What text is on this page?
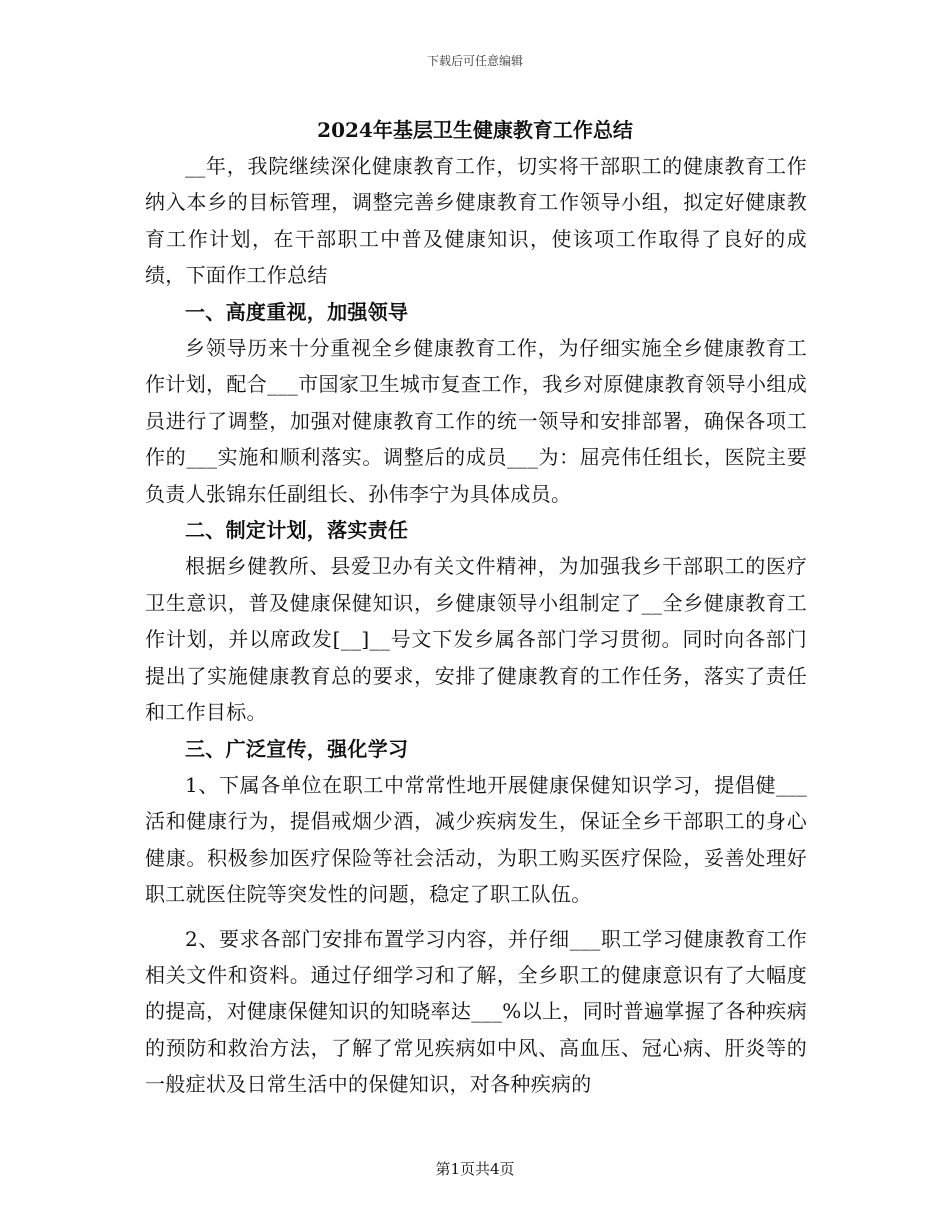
下载后可任意编辑
2024年基层卫生健康教育工作总结

__年，我院继续深化健康教育工作，切实将干部职工的健康教育工作纳入本乡的目标管理，调整完善乡健康教育工作领导小组，拟定好健康教育工作计划，在干部职工中普及健康知识，使该项工作取得了良好的成绩，下面作工作总结

一、高度重视，加强领导

乡领导历来十分重视全乡健康教育工作，为仔细实施全乡健康教育工作计划，配合___市国家卫生城市复查工作，我乡对原健康教育领导小组成员进行了调整，加强对健康教育工作的统一领导和安排部署，确保各项工作的___实施和顺利落实。调整后的成员___为：屈亮伟任组长，医院主要负责人张锦东任副组长、孙伟李宁为具体成员。

二、制定计划，落实责任

根据乡健教所、县爱卫办有关文件精神，为加强我乡干部职工的医疗卫生意识，普及健康保健知识，乡健康领导小组制定了__全乡健康教育工作计划，并以席政发[__]__号文下发乡属各部门学习贯彻。同时向各部门提出了实施健康教育总的要求，安排了健康教育的工作任务，落实了责任和工作目标。

三、广泛宣传，强化学习

1、下属各单位在职工中常常性地开展健康保健知识学习，提倡健___活和健康行为，提倡戒烟少酒，减少疾病发生，保证全乡干部职工的身心健康。积极参加医疗保险等社会活动，为职工购买医疗保险，妥善处理好职工就医住院等突发性的问题，稳定了职工队伍。

2、要求各部门安排布置学习内容，并仔细___职工学习健康教育工作相关文件和资料。通过仔细学习和了解，全乡职工的健康意识有了大幅度的提高，对健康保健知识的知晓率达___%以上，同时普遍掌握了各种疾病的预防和救治方法，了解了常见疾病如中风、高血压、冠心病、肝炎等的一般症状及日常生活中的保健知识，对各种疾病的

第1页共4页
